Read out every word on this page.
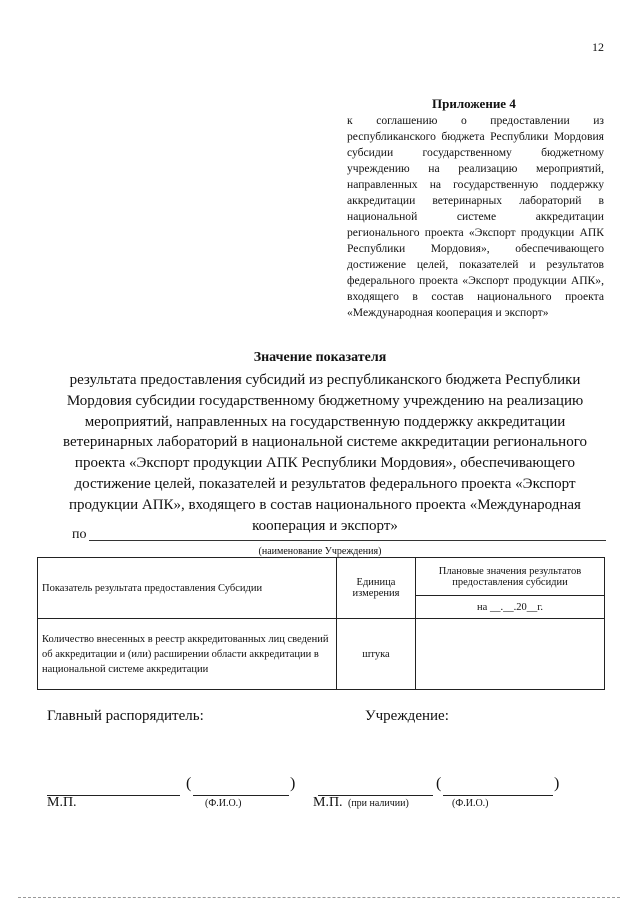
12
Приложение 4
к соглашению о предоставлении из республиканского бюджета Республики Мордовия субсидии государственному бюджетному учреждению на реализацию мероприятий, направленных на государственную поддержку аккредитации ветеринарных лабораторий в национальной системе аккредитации регионального проекта «Экспорт продукции АПК Республики Мордовия», обеспечивающего достижение целей, показателей и результатов федерального проекта «Экспорт продукции АПК», входящего в состав национального проекта «Международная кооперация и экспорт»
Значение показателя
результата предоставления субсидий из республиканского бюджета Республики Мордовия субсидии государственному бюджетному учреждению на реализацию мероприятий, направленных на государственную поддержку аккредитации ветеринарных лабораторий в национальной системе аккредитации регионального проекта «Экспорт продукции АПК Республики Мордовия», обеспечивающего достижение целей, показателей и результатов федерального проекта «Экспорт продукции АПК», входящего в состав национального проекта «Международная кооперация и экспорт»
по
(наименование Учреждения)
Показатель результата предоставления Субсидии	Единица измерения	Плановые значения результатов предоставления субсидии
		на __.__.20__г.
Количество внесенных в реестр аккредитованных лиц сведений об аккредитации и (или) расширении области аккредитации в национальной системе аккредитации	штука	
Главный распорядитель:	Учреждение:
(	)	(	)
М.П.	(Ф.И.О.)	М.П. (при наличии)	(Ф.И.О.)
